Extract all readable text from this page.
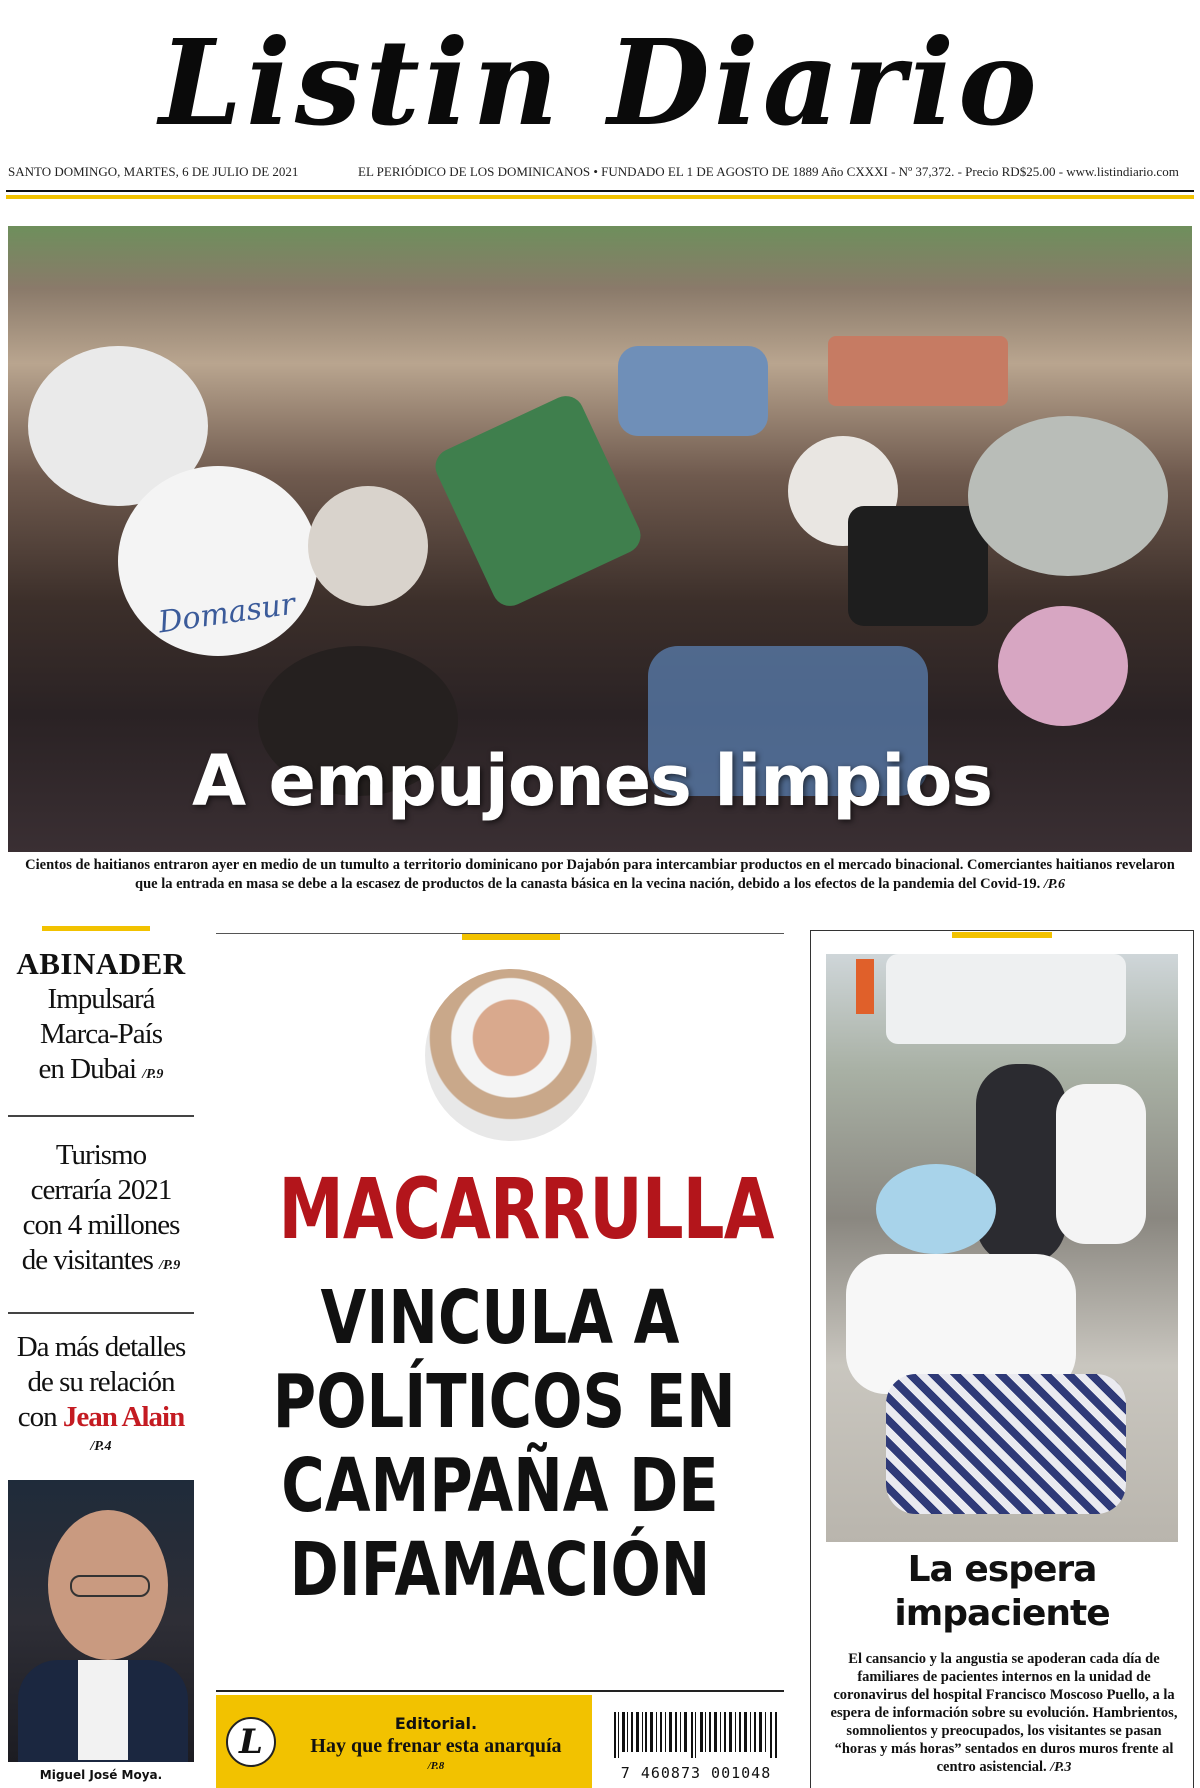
Listin Diario
SANTO DOMINGO, MARTES, 6 DE JULIO DE 2021	EL PERIÓDICO DE LOS DOMINICANOS • FUNDADO EL 1 DE AGOSTO DE 1889 Año CXXXI - Nº 37,372. - Precio RD$25.00 - www.listindiario.com
Domasur
A empujones limpios
Cientos de haitianos entraron ayer en medio de un tumulto a territorio dominicano por Dajabón para intercambiar productos en el mercado binacional. Comerciantes haitianos revelaron que la entrada en masa se debe a la escasez de productos de la canasta básica en la vecina nación, debido a los efectos de la pandemia del Covid-19. /P.6
ABINADER
Impulsará
Marca-País
en Dubai /P.9
Turismo
cerraría 2021
con 4 millones
de visitantes /P.9
Da más detalles
de su relación
con Jean Alain
/P.4
Miguel José Moya.
MACARRULLA
VINCULA A
POLÍTICOS EN
CAMPAÑA DE
DIFAMACIÓN
L	Editorial.
Hay que frenar esta anarquía
/P.8	7 460873 001048
La espera
impaciente
El cansancio y la angustia se apoderan cada día de familiares de pacientes internos en la unidad de coronavirus del hospital Francisco Moscoso Puello, a la espera de información sobre su evolución. Hambrientos, somnolientos y preocupados, los visitantes se pasan “horas y más horas” sentados en duros muros frente al centro asistencial. /P.3
